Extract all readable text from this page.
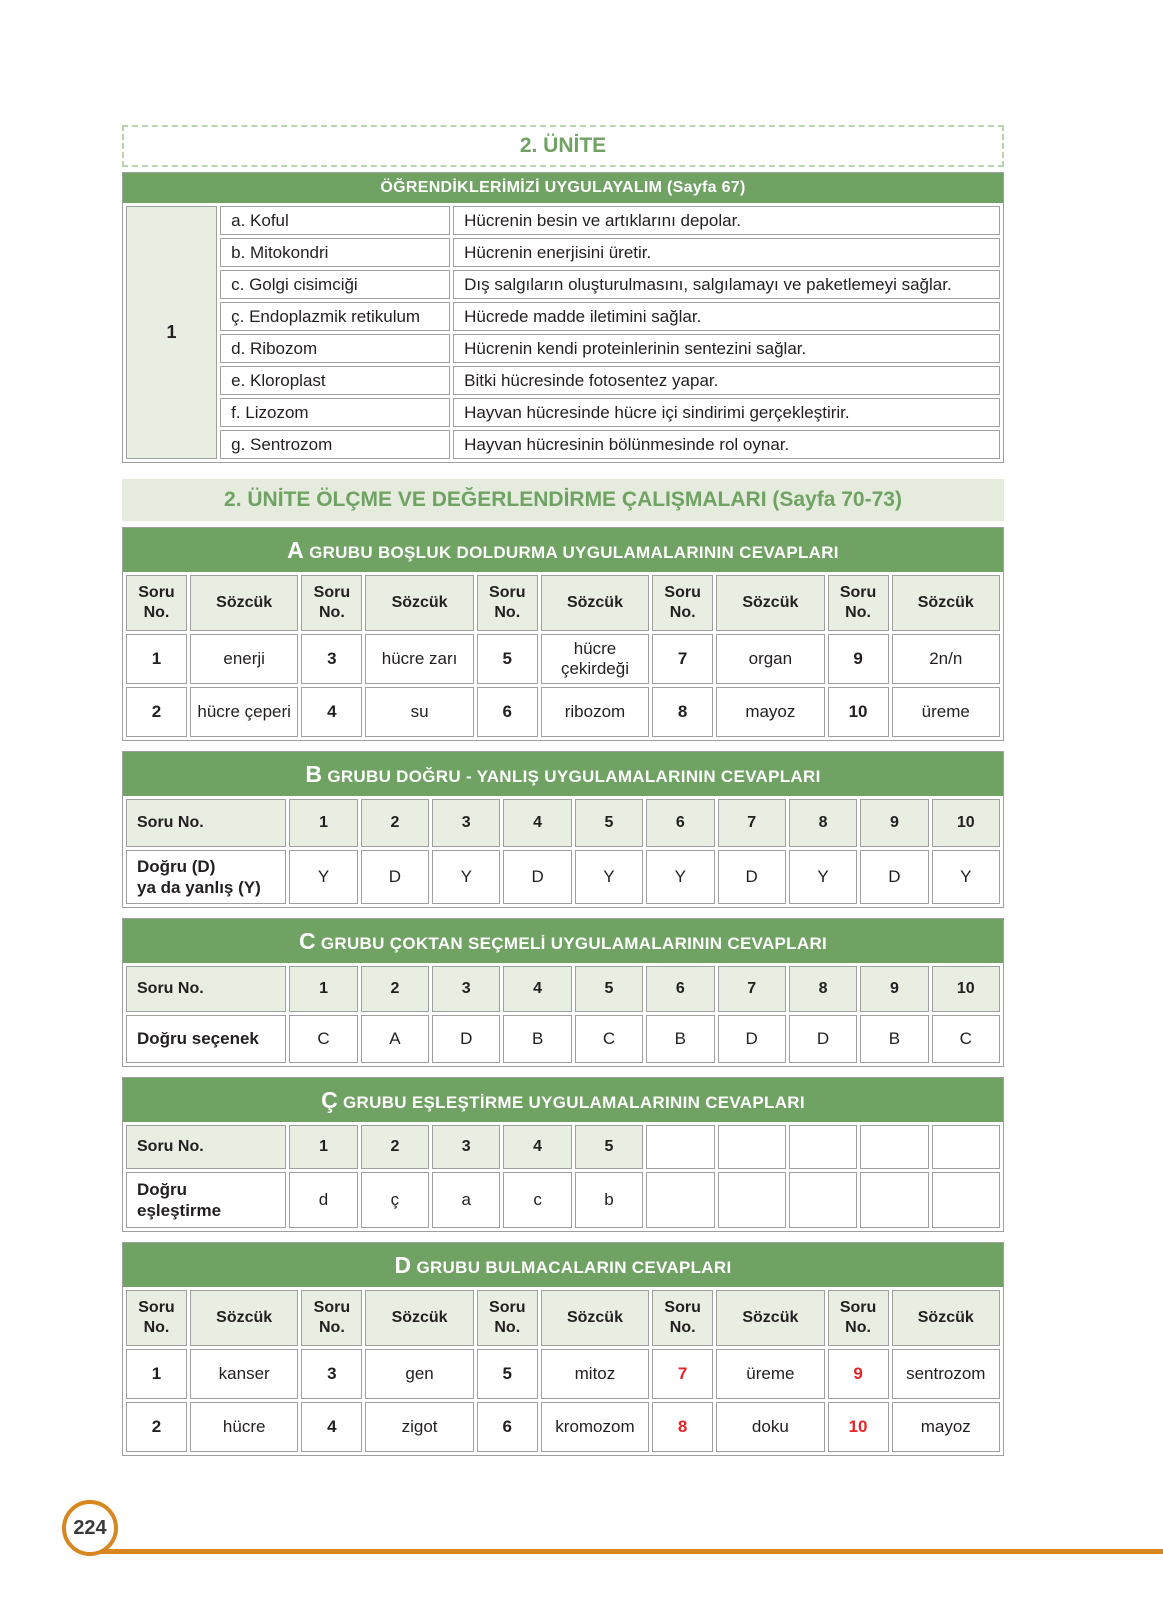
2. ÜNİTE
ÖĞRENDİKLERİMİZİ UYGULAYALIM (Sayfa 67)
1	a. Koful	Hücrenin besin ve artıklarını depolar.
	b. Mitokondri	Hücrenin enerjisini üretir.
	c. Golgi cisimciği	Dış salgıların oluşturulmasını, salgılamayı ve paketlemeyi sağlar.
	ç. Endoplazmik retikulum	Hücrede madde iletimini sağlar.
	d. Ribozom	Hücrenin kendi proteinlerinin sentezini sağlar.
	e. Kloroplast	Bitki hücresinde fotosentez yapar.
	f. Lizozom	Hayvan hücresinde hücre içi sindirimi gerçekleştirir.
	g. Sentrozom	Hayvan hücresinin bölünmesinde rol oynar.
2. ÜNİTE ÖLÇME VE DEĞERLENDİRME ÇALIŞMALARI (Sayfa 70-73)
A GRUBU BOŞLUK DOLDURMA UYGULAMALARININ CEVAPLARI
Soru No.	Sözcük	Soru No.	Sözcük	Soru No.	Sözcük	Soru No.	Sözcük	Soru No.	Sözcük
1	enerji	3	hücre zarı	5	hücre çekirdeği	7	organ	9	2n/n
2	hücre çeperi	4	su	6	ribozom	8	mayoz	10	üreme
B GRUBU DOĞRU - YANLIŞ UYGULAMALARININ CEVAPLARI
Soru No.	1	2	3	4	5	6	7	8	9	10

Doğru (D)
ya da yanlış (Y)	Y	D	Y	D	Y	Y	D	Y	D	Y
C GRUBU ÇOKTAN SEÇMELİ UYGULAMALARININ CEVAPLARI
Soru No.	1	2	3	4	5	6	7	8	9	10

Doğru seçenek	C	A	D	B	C	B	D	D	B	C
Ç GRUBU EŞLEŞTİRME UYGULAMALARININ CEVAPLARI
Soru No.	1	2	3	4	5					

Doğru
eşleştirme	d	ç	a	c	b					
D GRUBU BULMACALARIN CEVAPLARI
Soru No.	Sözcük	Soru No.	Sözcük	Soru No.	Sözcük	Soru No.	Sözcük	Soru No.	Sözcük
1	kanser	3	gen	5	mitoz	7	üreme	9	sentrozom
2	hücre	4	zigot	6	kromozom	8	doku	10	mayoz
224
